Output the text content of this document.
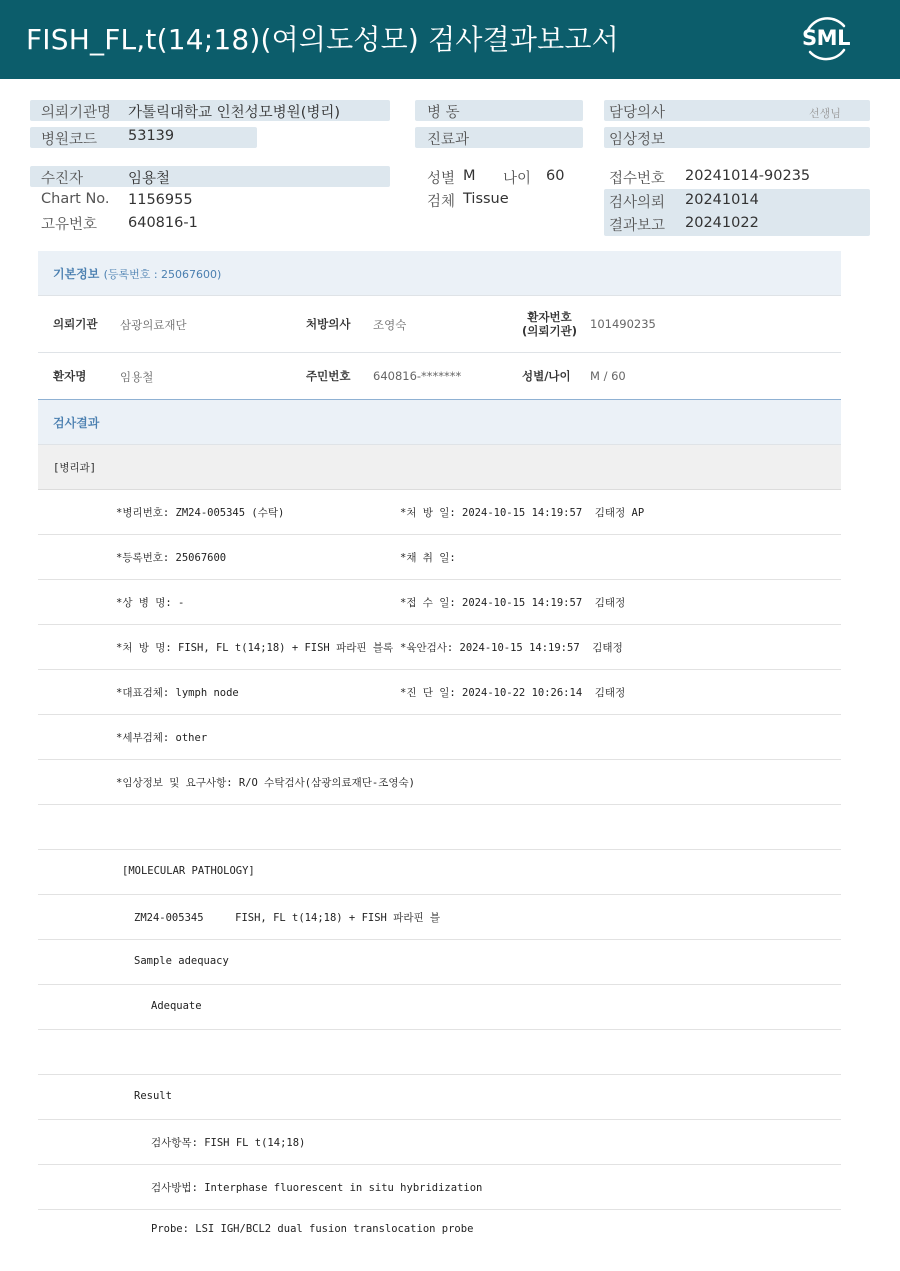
FISH_FL,t(14;18)(여의도성모) 검사결과보고서	SML
의뢰기관명 가톨릭대학교 인천성모병원(병리)
병원코드 53139
수진자	임용철
Chart No. 1156955
고유번호 640816-1
병 동
진료과
성별 M 나이 60
검체 Tissue
담당의사	선생님
임상정보
접수번호 20241014-90235
검사의뢰 20241014
결과보고 20241022
기본정보 (등록번호 : 25067600)
의뢰기관 삼광의료재단	처방의사 조영숙
환자번호
(의뢰기관) 101490235
환자명	임용철	주민번호 640816-*******	성별/나이 M / 60
검사결과
[병리과]
*병리번호: ZM24-005345 (수탁)	*처 방 일: 2024-10-15 14:19:57  김태정 AP
*등록번호: 25067600	*채 취 일:
*상 병 명: -	*접 수 일: 2024-10-15 14:19:57  김태정
*처 방 명: FISH, FL t(14;18) + FISH 파라핀 블록 *육안검사: 2024-10-15 14:19:57  김태정
*대표검체: lymph node	*진 단 일: 2024-10-22 10:26:14  김태정
*세부검체: other
*임상정보 및 요구사항: R/O 수탁검사(삼광의료재단-조영숙)
[MOLECULAR PATHOLOGY]
ZM24-005345     FISH, FL t(14;18) + FISH 파라핀 블
Sample adequacy
Adequate
Result
검사항목: FISH FL t(14;18)
검사방법: Interphase fluorescent in situ hybridization
Probe: LSI IGH/BCL2 dual fusion translocation probe
